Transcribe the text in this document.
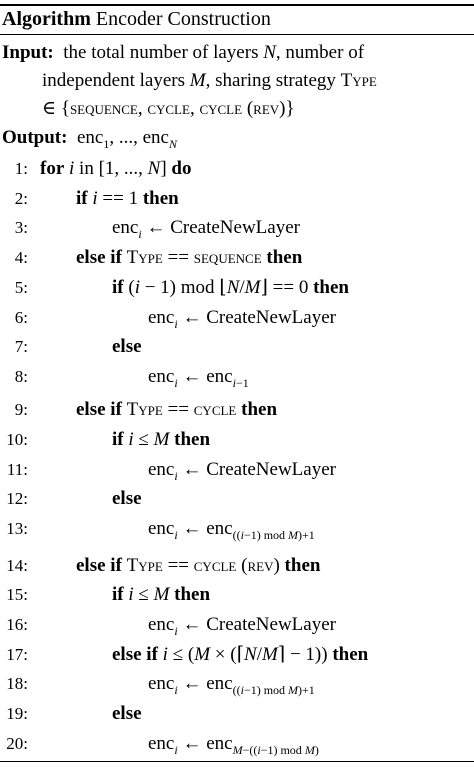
Algorithm Encoder Construction
Input:  the total number of layers N, number of
independent layers M, sharing strategy Type
∈ {sequence, cycle, cycle (rev)}
Output:  enc$_1$, ..., enc$_N$
1: for i in [1, ..., N] do
2:	if i == 1 then
3:	enc$_i$ ← CreateNewLayer
4:	else if Type == sequence then
5:	if (i − 1) mod ⌊N/M⌋ == 0 then
6:	enc$_i$ ← CreateNewLayer
7:	else
8:	enc$_i$ ← enc$_{i-1}$
9:	else if Type == cycle then
10:	if i ≤ M then
11:	enc$_i$ ← CreateNewLayer
12:	else
13:	enc$_i$ ← enc$_{((i-1) mod M)+1}$
14:	else if Type == cycle (rev) then
15:	if i ≤ M then
16:	enc$_i$ ← CreateNewLayer
17:	else if i ≤ (M × (⌈N/M⌉ − 1)) then
18:	enc$_i$ ← enc$_{((i-1) mod M)+1}$
19:	else
20:	enc$_i$ ← enc$_{M-((i-1) mod M)}$
